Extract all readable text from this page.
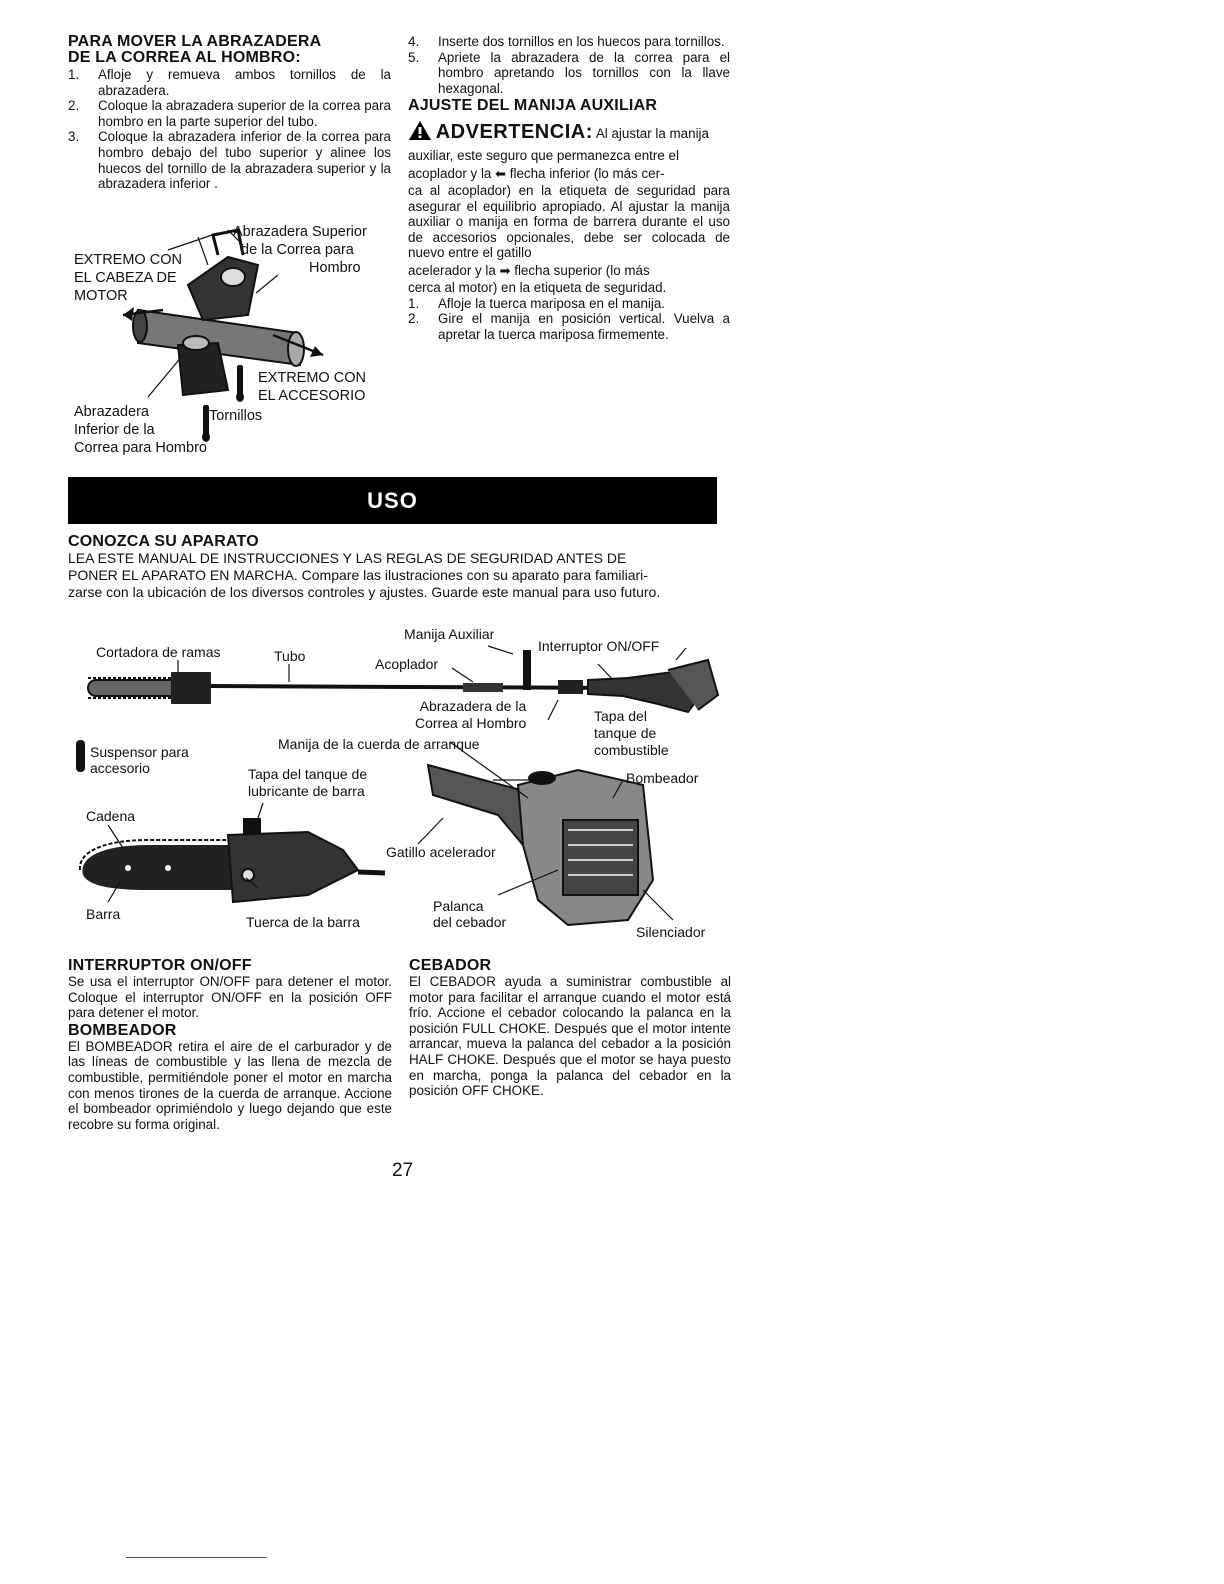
PARA MOVER LA ABRAZADERA
DE LA CORREA AL HOMBRO:
1. Afloje y remueva ambos tornillos de la abrazadera.
2. Coloque la abrazadera superior de la correa para hombro en la parte superior del tubo.
3. Coloque la abrazadera inferior de la correa para hombro debajo del tubo superior y alinee los huecos del tornillo de la abrazadera superior y la abrazadera inferior .
Abrazadera Superior
de la Correa para
Hombro
EXTREMO CON
EL CABEZA DE
MOTOR
EXTREMO CON
EL ACCESORIO
Abrazadera
Inferior de la
Correa para Hombro
Tornillos
4. Inserte dos tornillos en los huecos para tornillos.
5. Apriete la abrazadera de la correa para el hombro apretando los tornillos con la llave hexagonal.
AJUSTE DEL MANIJA AUXILIAR
ADVERTENCIA: Al ajustar la manija
auxiliar, este seguro que permanezca entre el
acoplador y la ⬅ flecha inferior (lo más cer-
ca al acoplador) en la etiqueta de seguridad para asegurar el equilibrio apropiado. Al ajustar la manija auxiliar o manija en forma de barrera durante el uso de accesorios opcionales, debe ser colocada de nuevo entre el gatillo
acelerador y la ➡ flecha superior (lo más
cerca al motor) en la etiqueta de seguridad.
1. Afloje la tuerca mariposa en el manija.
2. Gire el manija en posición vertical. Vuelva a apretar la tuerca mariposa firmemente.
USO
CONOZCA SU APARATO
LEA ESTE MANUAL DE INSTRUCCIONES Y LAS REGLAS DE SEGURIDAD ANTES DE
PONER EL APARATO EN MARCHA. Compare las ilustraciones con su aparato para familiari-
zarse con la ubicación de los diversos controles y ajustes. Guarde este manual para uso futuro.
Cortadora de ramas	Tubo
Manija Auxiliar
Acoplador
Interruptor ON/OFF
Abrazadera de la
Correa al Hombro	Tapa del
tanque de
combustible
Suspensor para
accesorio
Manija de la cuerda de arranque
Tapa del tanque de
lubricante de barra
Bombeador
Cadena
Gatillo acelerador
Barra	Tuerca de la barra
Palanca
del cebador
Silenciador
INTERRUPTOR ON/OFF
Se usa el interruptor ON/OFF para detener el motor. Coloque el interruptor ON/OFF en la posición OFF para detener el motor.
BOMBEADOR
El BOMBEADOR retira el aire de el carburador y de las líneas de combustible y las llena de mezcla de combustible, permitiéndole poner el motor en marcha con menos tirones de la cuerda de arranque. Accione el bombeador oprimiéndolo y luego dejando que este recobre su forma original.
CEBADOR
El CEBADOR ayuda a suministrar combustible al motor para facilitar el arranque cuando el motor está frío. Accione el cebador colocando la palanca en la posición FULL CHOKE. Después que el motor intente arrancar, mueva la palanca del cebador a la posición HALF CHOKE. Después que el motor se haya puesto en marcha, ponga la palanca del cebador en la posición OFF CHOKE.
27
